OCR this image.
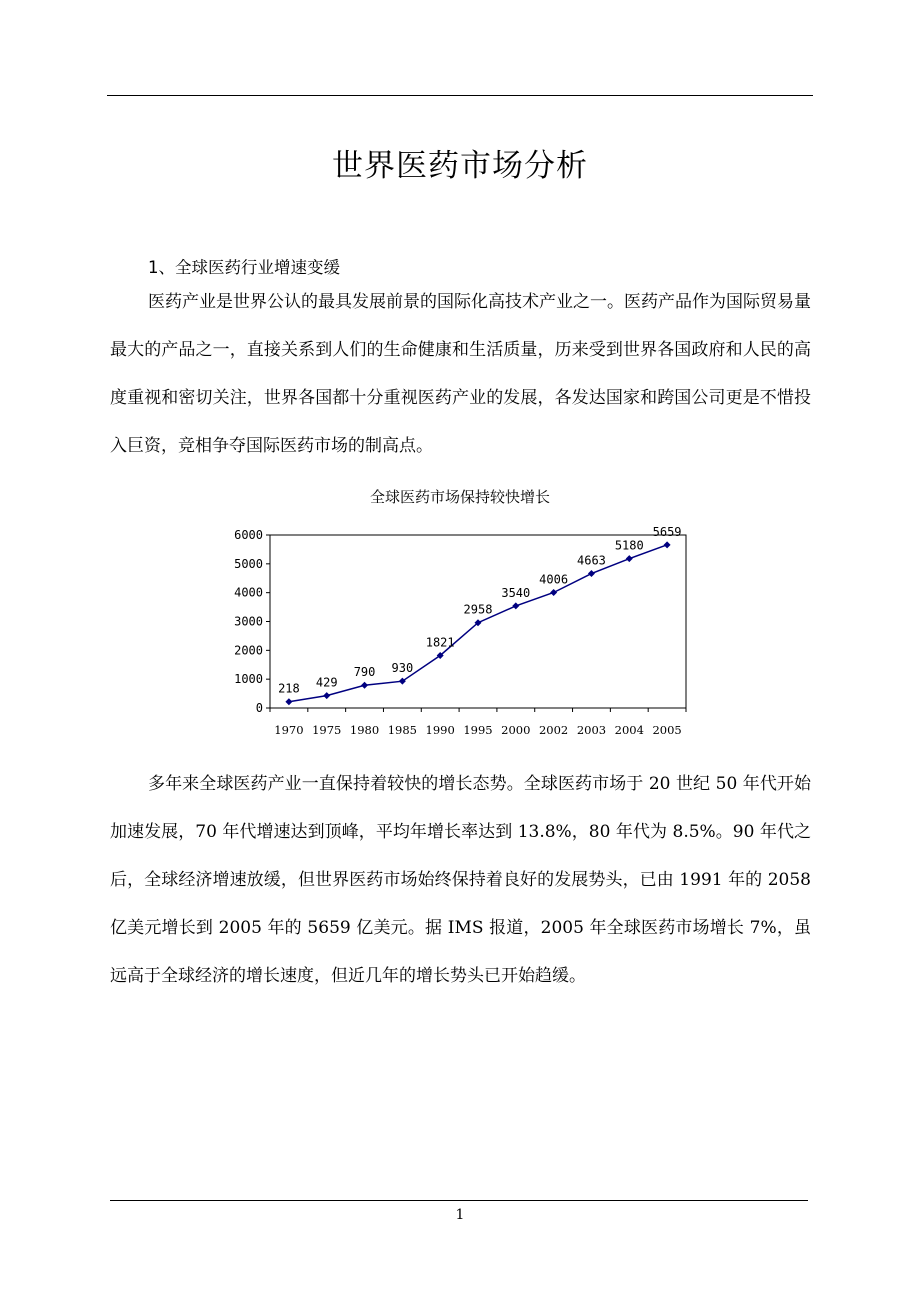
世界医药市场分析
1、全球医药行业增速变缓

医药产业是世界公认的最具发展前景的国际化高技术产业之一。医药产品作为国际贸易量最大的产品之一，直接关系到人们的生命健康和生活质量，历来受到世界各国政府和人民的高度重视和密切关注，世界各国都十分重视医药产业的发展，各发达国家和跨国公司更是不惜投入巨资，竞相争夺国际医药市场的制高点。

全球医药市场保持较快增长
0
1000
2000
3000
4000
5000
6000
1970 1975 1980 1985 1990 1995 2000 2002 2003 2004 2005
218 429
790 930
1821
2958
3540
4006
4663
5180
5659

多年来全球医药产业一直保持着较快的增长态势。全球医药市场于 20 世纪 50 年代开始加速发展，70 年代增速达到顶峰，平均年增长率达到 13.8%，80 年代为 8.5%。90 年代之后，全球经济增速放缓，但世界医药市场始终保持着良好的发展势头，已由 1991 年的 2058 亿美元增长到 2005 年的 5659 亿美元。据 IMS 报道，2005 年全球医药市场增长 7%，虽远高于全球经济的增长速度，但近几年的增长势头已开始趋缓。

1
